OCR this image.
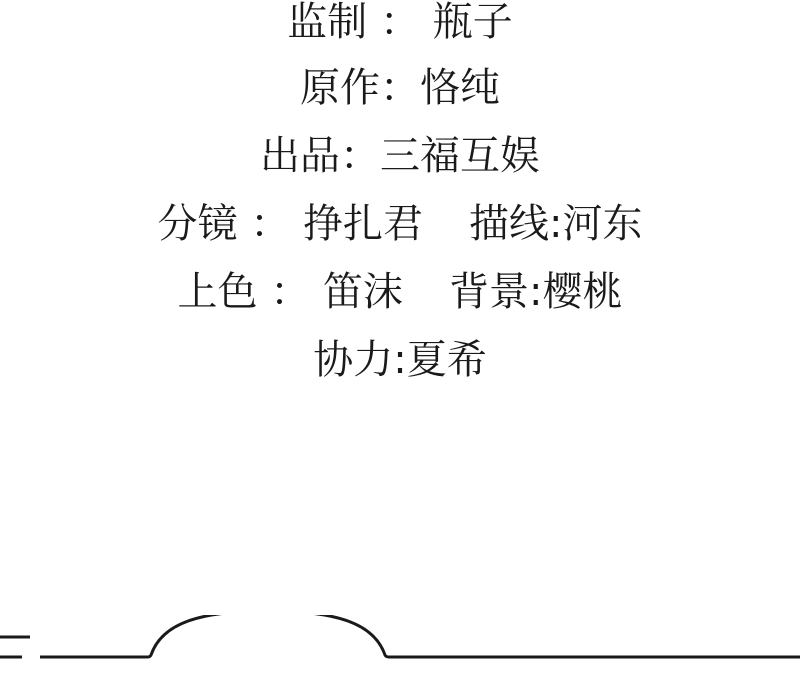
监制 ： 瓶子
原作 ： 恪纯
出品 ： 三福互娱
分镜 ： 挣扎君 描线 : 河东
上色 ： 笛沫 背景 : 樱桃
协力 : 夏希
